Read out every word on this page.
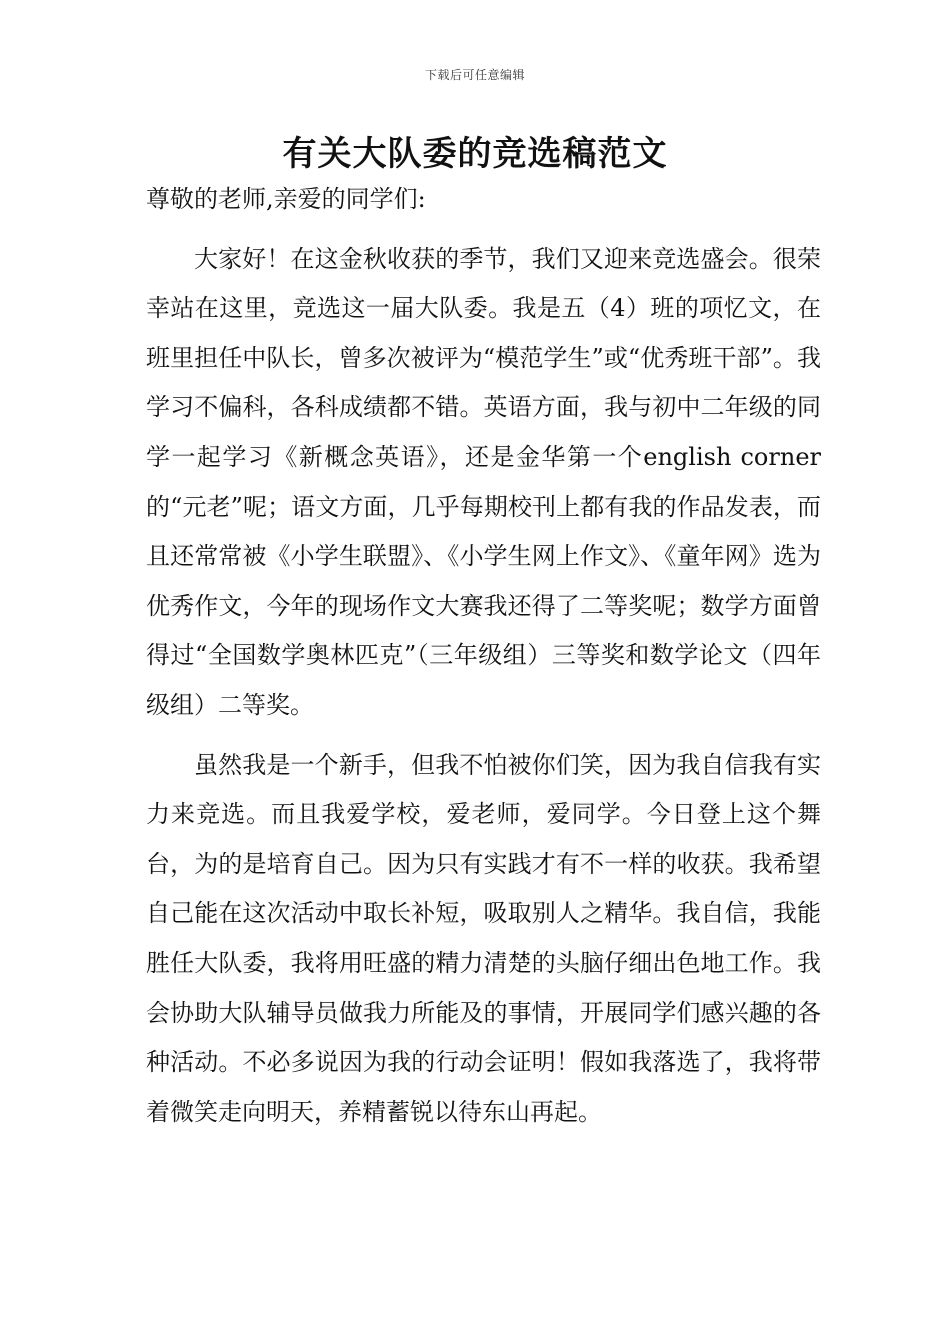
下载后可任意编辑
有关大队委的竞选稿范文

尊敬的老师,亲爱的同学们:

大家好！在这金秋收获的季节，我们又迎来竞选盛会。很荣幸站在这里，竞选这一届大队委。我是五（4）班的项忆文，在班里担任中队长，曾多次被评为“模范学生”或“优秀班干部”。我学习不偏科，各科成绩都不错。英语方面，我与初中二年级的同学一起学习《新概念英语》，还是金华第一个english corner的“元老”呢；语文方面，几乎每期校刊上都有我的作品发表，而且还常常被《小学生联盟》、《小学生网上作文》、《童年网》选为优秀作文，今年的现场作文大赛我还得了二等奖呢；数学方面曾得过“全国数学奥林匹克”（三年级组）三等奖和数学论文（四年级组）二等奖。

虽然我是一个新手，但我不怕被你们笑，因为我自信我有实力来竞选。而且我爱学校，爱老师，爱同学。今日登上这个舞台，为的是培育自己。因为只有实践才有不一样的收获。我希望自己能在这次活动中取长补短，吸取别人之精华。我自信，我能胜任大队委，我将用旺盛的精力清楚的头脑仔细出色地工作。我会协助大队辅导员做我力所能及的事情，开展同学们感兴趣的各种活动。不必多说因为我的行动会证明！假如我落选了，我将带着微笑走向明天，养精蓄锐以待东山再起。
